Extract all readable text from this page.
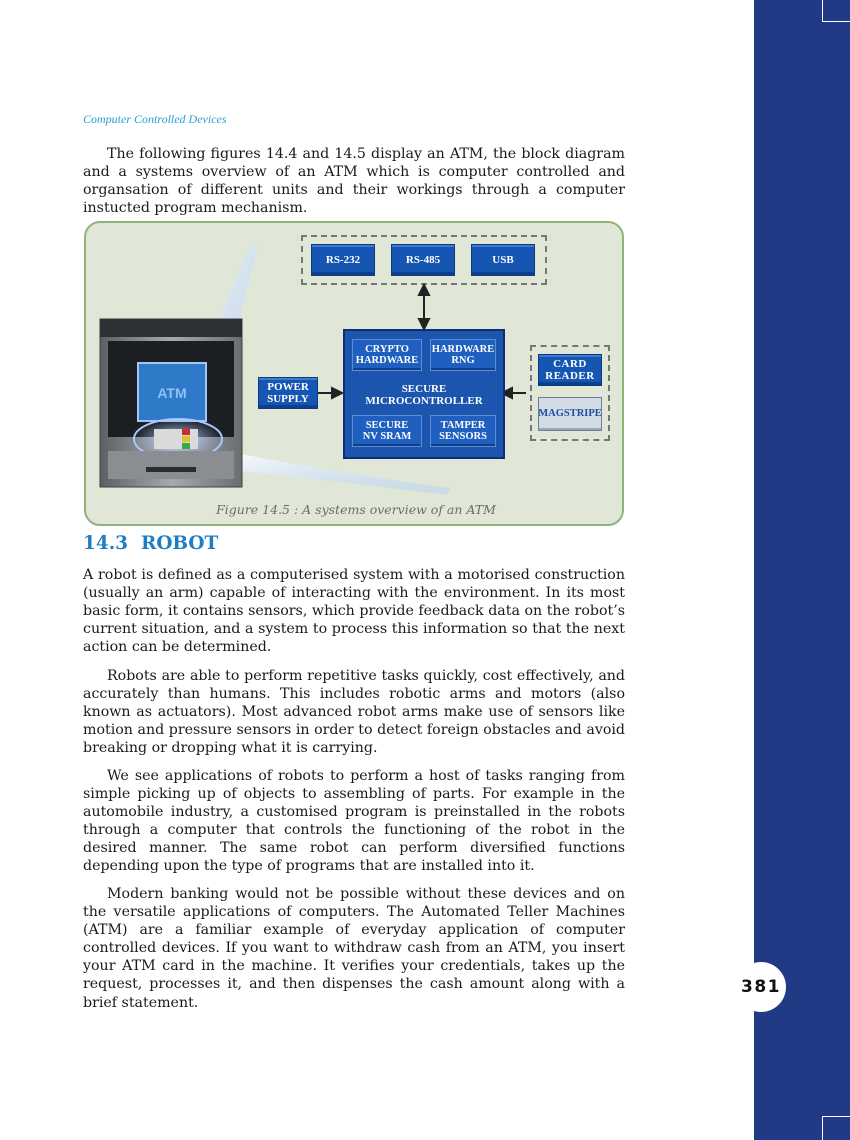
381
Computer Controlled Devices

The following figures 14.4 and 14.5 display an ATM, the block diagram and a systems overview of an ATM which is computer controlled and organsation of different units and their workings through a computer instucted program mechanism.

ATM
RS-232	RS-485	USB
POWER
SUPPLY
CRYPTO
HARDWARE
HARDWARE
RNG
SECURE
MICROCONTROLLER
SECURE
NV SRAM
TAMPER
SENSORS
CARD
READER
MAGSTRIPE
Figure 14.5 : A systems overview of an ATM
14.3  ROBOT

A robot is defined as a computerised system with a motorised construction (usually an arm) capable of interacting with the environment. In its most basic form, it contains sensors, which provide feedback data on the robot’s current situation, and a system to process this information so that the next action can be determined.

Robots are able to perform repetitive tasks quickly, cost effectively, and accurately than humans. This includes robotic arms and motors (also known as actuators). Most advanced robot arms make use of sensors like motion and pressure sensors in order to detect foreign obstacles and avoid breaking or dropping what it is carrying.

We see applications of robots to perform a host of tasks ranging from simple picking up of objects to assembling of parts. For example in the automobile industry, a customised program is preinstalled in the robots through a computer that controls the functioning of the robot in the desired manner. The same robot can perform diversified functions depending upon the type of programs that are installed into it.

Modern banking would not be possible without these devices and on the versatile applications of computers. The Automated Teller Machines (ATM) are a familiar example of everyday application of computer controlled devices. If you want to withdraw cash from an ATM, you insert your ATM card in the machine. It verifies your credentials, takes up the request, processes it, and then dispenses the cash amount along with a brief statement.
